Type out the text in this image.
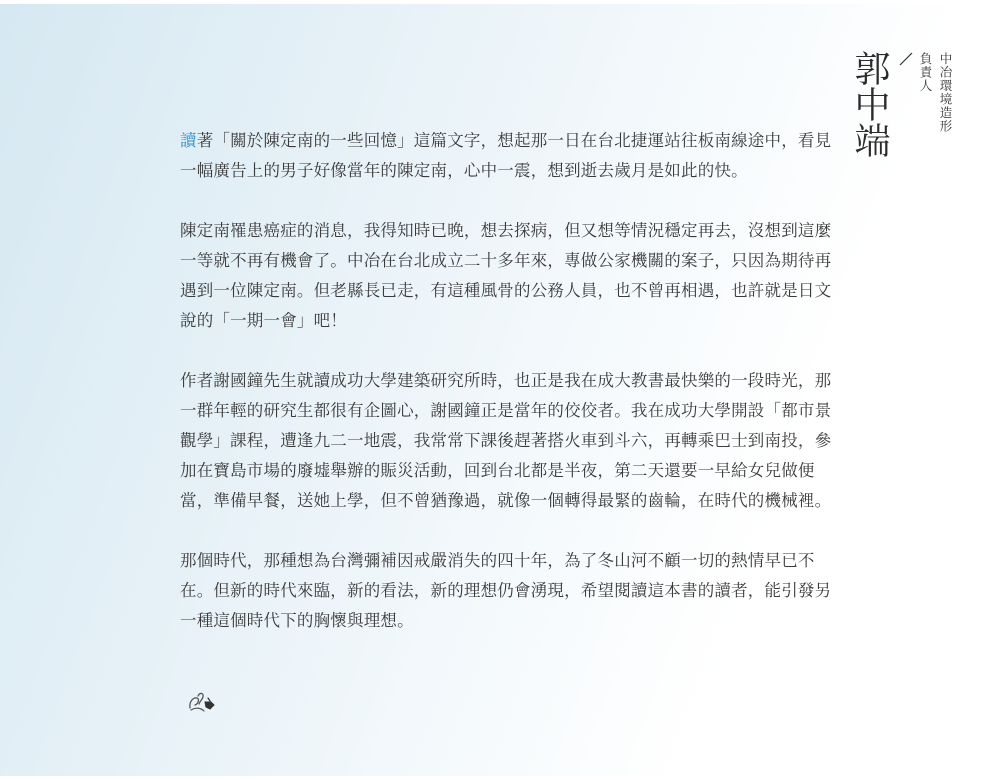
讀著「關於陳定南的一些回憶」這篇文字，想起那一日在台北捷運站往板南線途中，看見一幅廣告上的男子好像當年的陳定南，心中一震，想到逝去歲月是如此的快。

陳定南罹患癌症的消息，我得知時已晚，想去探病，但又想等情況穩定再去，沒想到這麼一等就不再有機會了。中冶在台北成立二十多年來，專做公家機關的案子，只因為期待再遇到一位陳定南。但老縣長已走，有這種風骨的公務人員，也不曾再相遇，也許就是日文說的「一期一會」吧！

作者謝國鐘先生就讀成功大學建築研究所時，也正是我在成大教書最快樂的一段時光，那一群年輕的研究生都很有企圖心，謝國鐘正是當年的佼佼者。我在成功大學開設「都市景觀學」課程，遭逢九二一地震，我常常下課後趕著搭火車到斗六，再轉乘巴士到南投，參加在寶島市場的廢墟舉辦的賑災活動，回到台北都是半夜，第二天還要一早給女兒做便當，準備早餐，送她上學，但不曾猶豫過，就像一個轉得最緊的齒輪，在時代的機械裡。

那個時代，那種想為台灣彌補因戒嚴消失的四十年，為了冬山河不顧一切的熱情早已不在。但新的時代來臨，新的看法，新的理想仍會湧現，希望閱讀這本書的讀者，能引發另一種這個時代下的胸懷與理想。

郭中端 負責人 中冶環境造形
